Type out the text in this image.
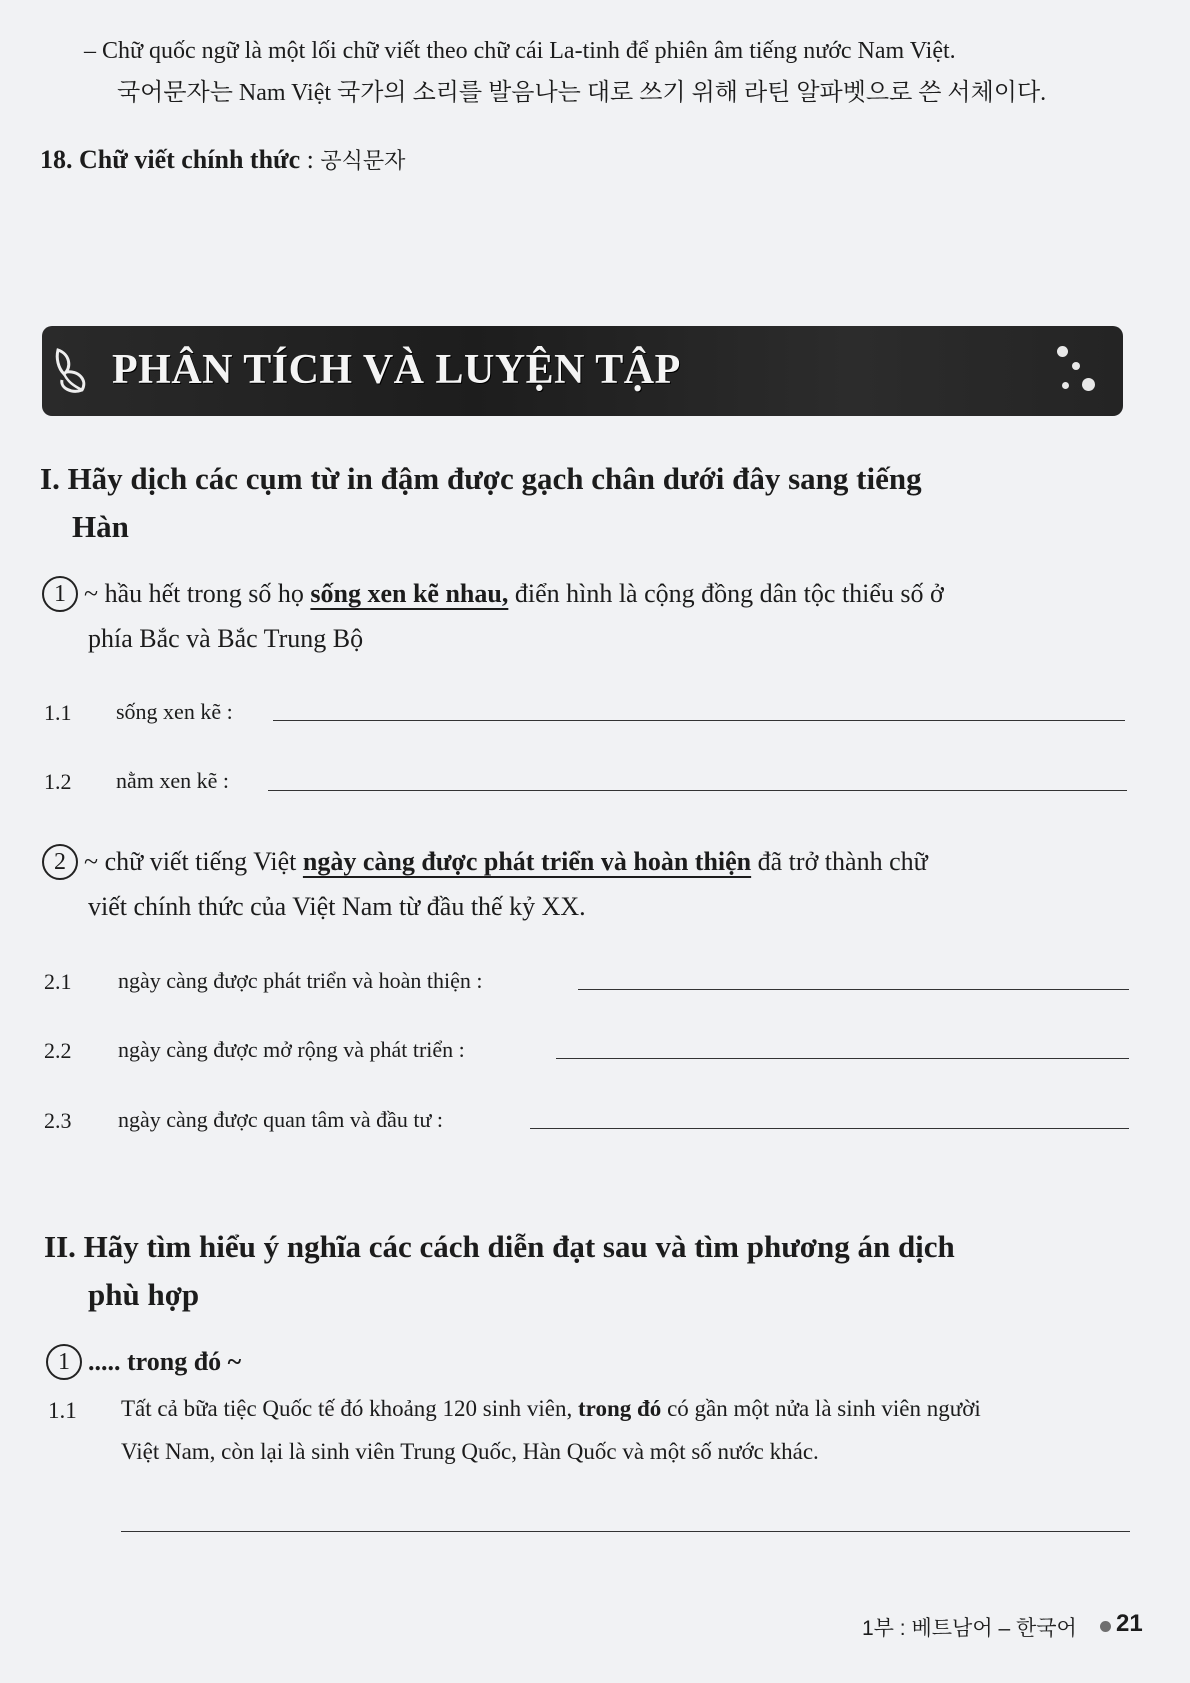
– Chữ quốc ngữ là một lối chữ viết theo chữ cái La-tinh để phiên âm tiếng nước Nam Việt.
국어문자는 Nam Việt 국가의 소리를 발음나는 대로 쓰기 위해 라틴 알파벳으로 쓴 서체이다.
18. Chữ viết chính thức : 공식문자
PHÂN TÍCH VÀ LUYỆN TẬP
I. Hãy dịch các cụm từ in đậm được gạch chân dưới đây sang tiếng
Hàn
1 ~ hầu hết trong số họ sống xen kẽ nhau, điển hình là cộng đồng dân tộc thiểu số ở
phía Bắc và Bắc Trung Bộ
1.1 sống xen kẽ :
1.2 nằm xen kẽ :
2 ~ chữ viết tiếng Việt ngày càng được phát triển và hoàn thiện đã trở thành chữ
viết chính thức của Việt Nam từ đầu thế kỷ XX.
2.1 ngày càng được phát triển và hoàn thiện :
2.2 ngày càng được mở rộng và phát triển :
2.3 ngày càng được quan tâm và đầu tư :
II. Hãy tìm hiểu ý nghĩa các cách diễn đạt sau và tìm phương án dịch
phù hợp
1 ..... trong đó ~
1.1 Tất cả bữa tiệc Quốc tế đó khoảng 120 sinh viên, trong đó có gần một nửa là sinh viên người
Việt Nam, còn lại là sinh viên Trung Quốc, Hàn Quốc và một số nước khác.
1부 : 베트남어 – 한국어 21
